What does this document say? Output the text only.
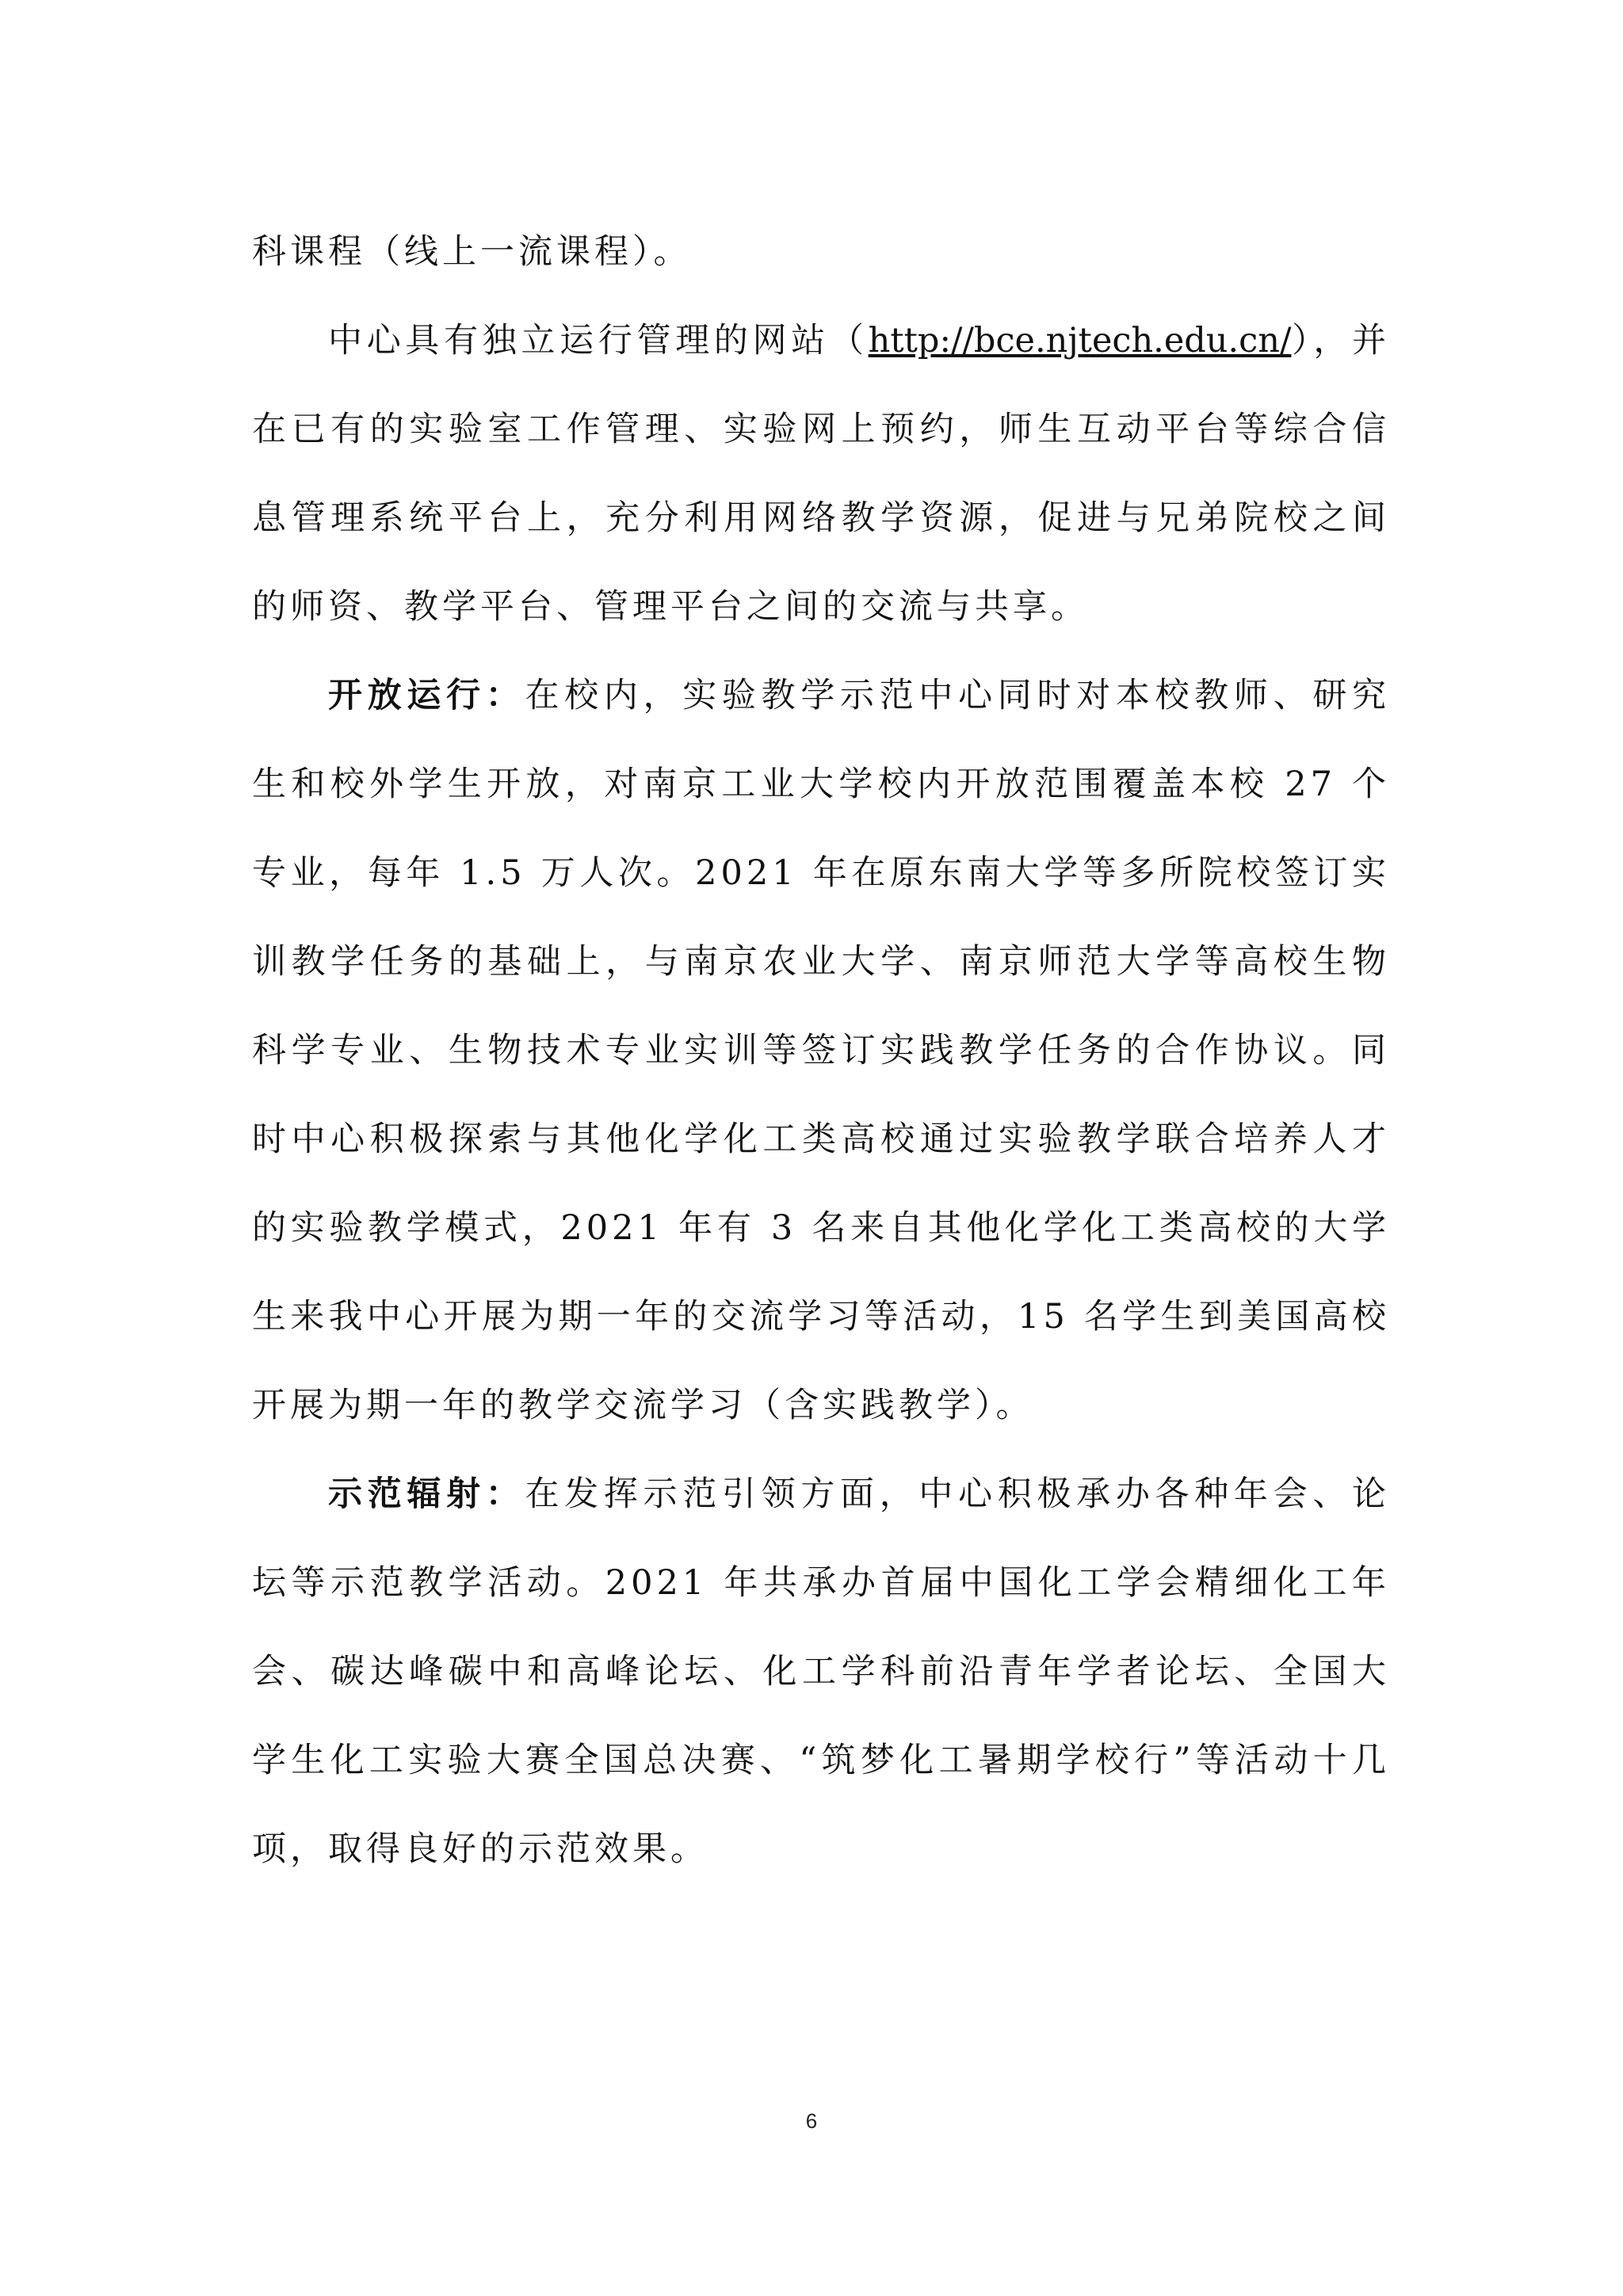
科课程（线上一流课程）。

中心具有独立运行管理的网站（http://bce.njtech.edu.cn/），并在已有的实验室工作管理、实验网上预约，师生互动平台等综合信息管理系统平台上，充分利用网络教学资源，促进与兄弟院校之间的师资、教学平台、管理平台之间的交流与共享。

开放运行：在校内，实验教学示范中心同时对本校教师、研究生和校外学生开放，对南京工业大学校内开放范围覆盖本校 27 个专业，每年 1.5 万人次。2021 年在原东南大学等多所院校签订实训教学任务的基础上，与南京农业大学、南京师范大学等高校生物科学专业、生物技术专业实训等签订实践教学任务的合作协议。同时中心积极探索与其他化学化工类高校通过实验教学联合培养人才的实验教学模式，2021 年有 3 名来自其他化学化工类高校的大学生来我中心开展为期一年的交流学习等活动，15 名学生到美国高校开展为期一年的教学交流学习（含实践教学）。

示范辐射：在发挥示范引领方面，中心积极承办各种年会、论坛等示范教学活动。2021 年共承办首届中国化工学会精细化工年会、碳达峰碳中和高峰论坛、化工学科前沿青年学者论坛、全国大学生化工实验大赛全国总决赛、“筑梦化工暑期学校行”等活动十几项，取得良好的示范效果。

6
